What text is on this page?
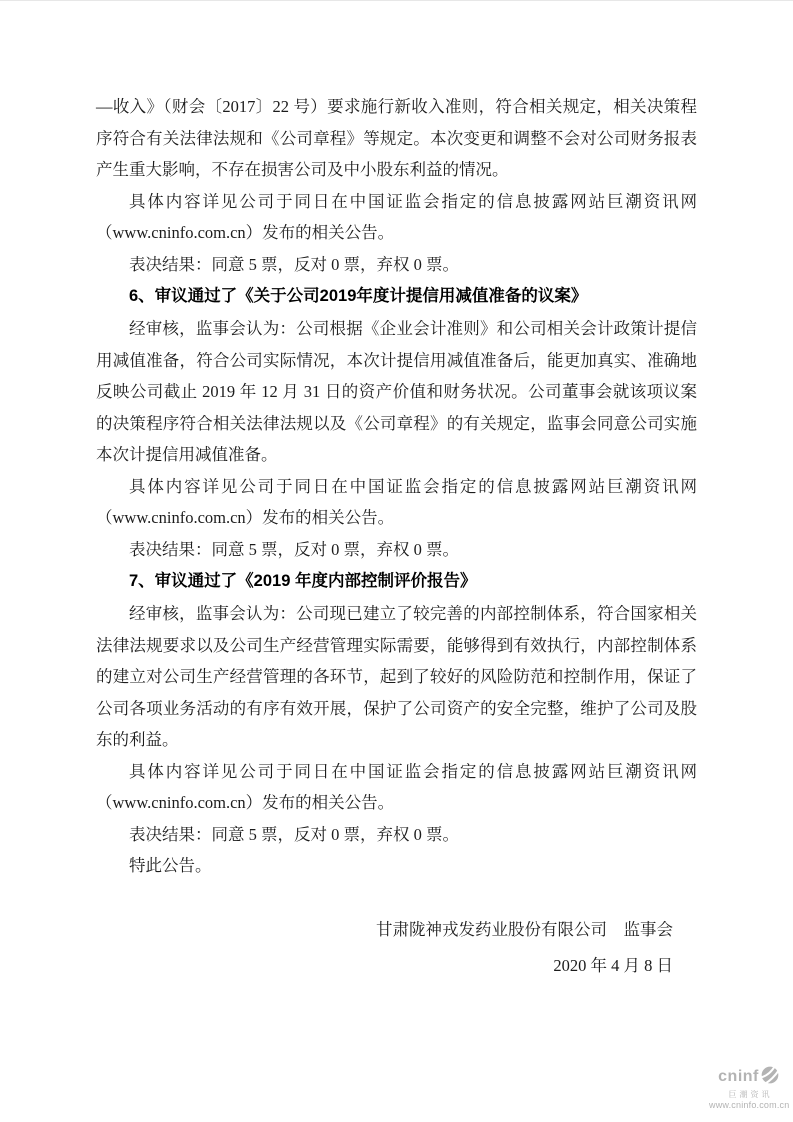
—收入》（财会〔2017〕22 号）要求施行新收入准则，符合相关规定，相关决策程序符合有关法律法规和《公司章程》等规定。本次变更和调整不会对公司财务报表产生重大影响，不存在损害公司及中小股东利益的情况。

具体内容详见公司于同日在中国证监会指定的信息披露网站巨潮资讯网（www.cninfo.com.cn）发布的相关公告。

表决结果：同意 5 票，反对 0 票，弃权 0 票。

6、审议通过了《关于公司2019年度计提信用减值准备的议案》

经审核，监事会认为：公司根据《企业会计准则》和公司相关会计政策计提信用减值准备，符合公司实际情况，本次计提信用减值准备后，能更加真实、准确地反映公司截止 2019 年 12 月 31 日的资产价值和财务状况。公司董事会就该项议案的决策程序符合相关法律法规以及《公司章程》的有关规定，监事会同意公司实施本次计提信用减值准备。

具体内容详见公司于同日在中国证监会指定的信息披露网站巨潮资讯网（www.cninfo.com.cn）发布的相关公告。

表决结果：同意 5 票，反对 0 票，弃权 0 票。

7、审议通过了《2019 年度内部控制评价报告》

经审核，监事会认为：公司现已建立了较完善的内部控制体系，符合国家相关法律法规要求以及公司生产经营管理实际需要，能够得到有效执行，内部控制体系的建立对公司生产经营管理的各环节，起到了较好的风险防范和控制作用，保证了公司各项业务活动的有序有效开展，保护了公司资产的安全完整，维护了公司及股东的利益。

具体内容详见公司于同日在中国证监会指定的信息披露网站巨潮资讯网（www.cninfo.com.cn）发布的相关公告。

表决结果：同意 5 票，反对 0 票，弃权 0 票。

特此公告。

甘肃陇神戎发药业股份有限公司　监事会
2020 年 4 月 8 日
cninf
巨潮资讯
www.cninfo.com.cn
